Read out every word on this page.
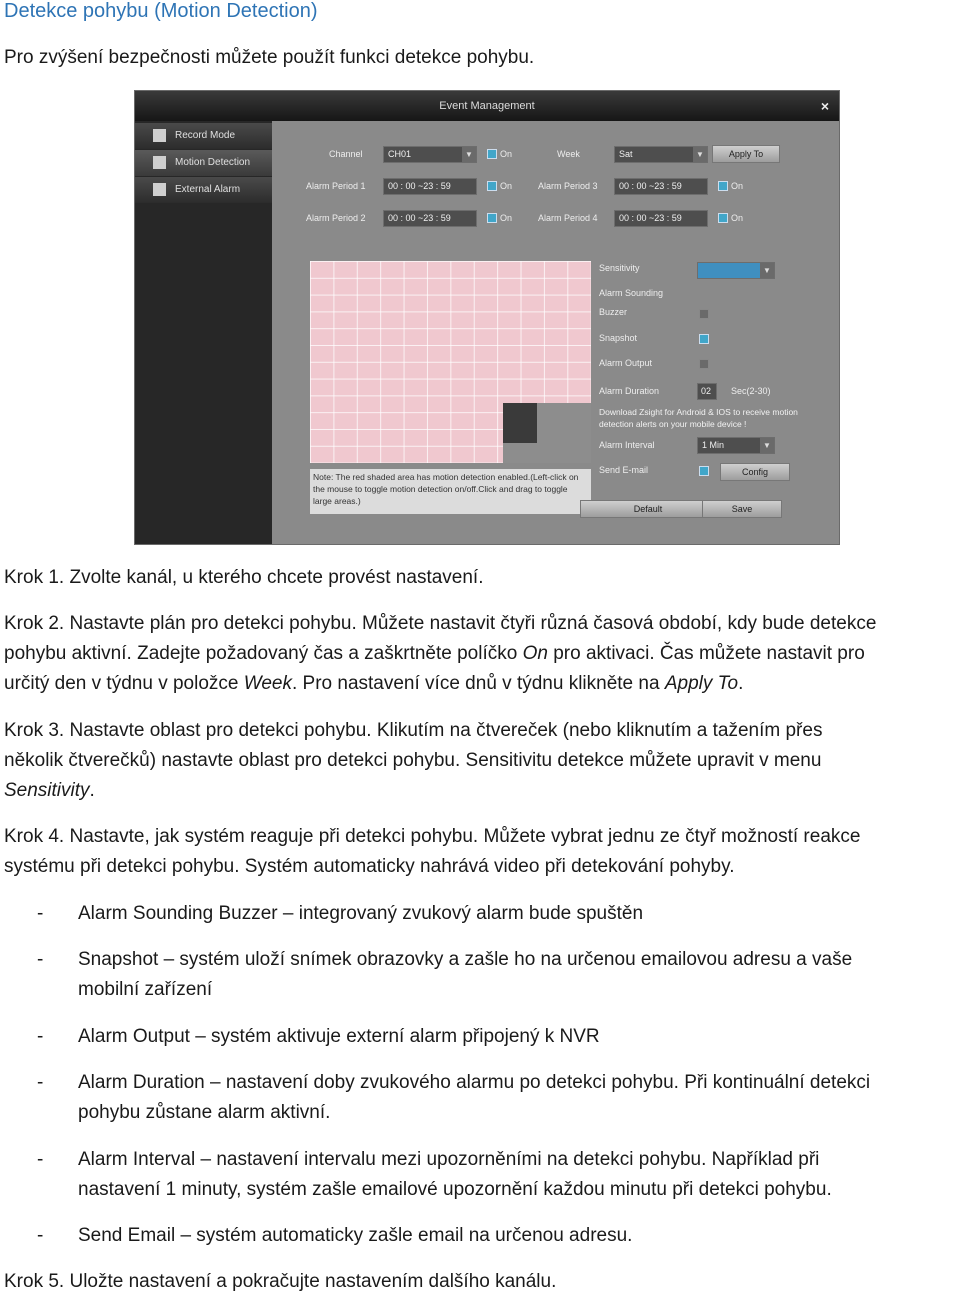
Detekce pohybu (Motion Detection)

Pro zvýšení bezpečnosti můžete použít funkci detekce pohybu.

Event Management	×
Record Mode
Motion Detection
External Alarm
Channel	CH01	▼	On	Week	Sat	▼	Apply To
Alarm Period 1	00 : 00 ~23 : 59	On	Alarm Period 3	00 : 00 ~23 : 59	On
Alarm Period 2	00 : 00 ~23 : 59	On	Alarm Period 4	00 : 00 ~23 : 59	On
Note: The red shaded area has motion detection enabled.(Left-click on the mouse to toggle motion detection on/off.Click and drag to toggle large areas.)
Sensitivity	▼
Alarm Sounding
Buzzer
Snapshot
Alarm Output
Alarm Duration	02	Sec(2-30)
Download Zsight for Android & IOS to receive motion detection alerts on your mobile device !
Alarm Interval	1 Min	▼
Send E-mail	Config
Default	Save

Krok 1. Zvolte kanál, u kterého chcete provést nastavení.

Krok 2. Nastavte plán pro detekci pohybu. Můžete nastavit čtyři různá časová období, kdy bude detekce

pohybu aktivní. Zadejte požadovaný čas a zaškrtněte políčko On pro aktivaci. Čas můžete nastavit pro

určitý den v týdnu v položce Week. Pro nastavení více dnů v týdnu klikněte na Apply To.

Krok 3. Nastavte oblast pro detekci pohybu. Klikutím na čtvereček (nebo kliknutím a tažením přes

několik čtverečků) nastavte oblast pro detekci pohybu. Sensitivitu detekce můžete upravit v menu

Sensitivity.

Krok 4. Nastavte, jak systém reaguje při detekci pohybu. Můžete vybrat jednu ze čtyř možností reakce

systému při detekci pohybu. Systém automaticky nahrává video při detekování pohyby.

- Alarm Sounding Buzzer – integrovaný zvukový alarm bude spuštěn
- Snapshot – systém uloží snímek obrazovky a zašle ho na určenou emailovou adresu a vaše
mobilní zařízení
- Alarm Output – systém aktivuje externí alarm připojený k NVR
- Alarm Duration – nastavení doby zvukového alarmu po detekci pohybu. Při kontinuální detekci
pohybu zůstane alarm aktivní.
- Alarm Interval – nastavení intervalu mezi upozorněními na detekci pohybu. Například při
nastavení 1 minuty, systém zašle emailové upozornění každou minutu při detekci pohybu.
- Send Email – systém automaticky zašle email na určenou adresu.

Krok 5. Uložte nastavení a pokračujte nastavením dalšího kanálu.
